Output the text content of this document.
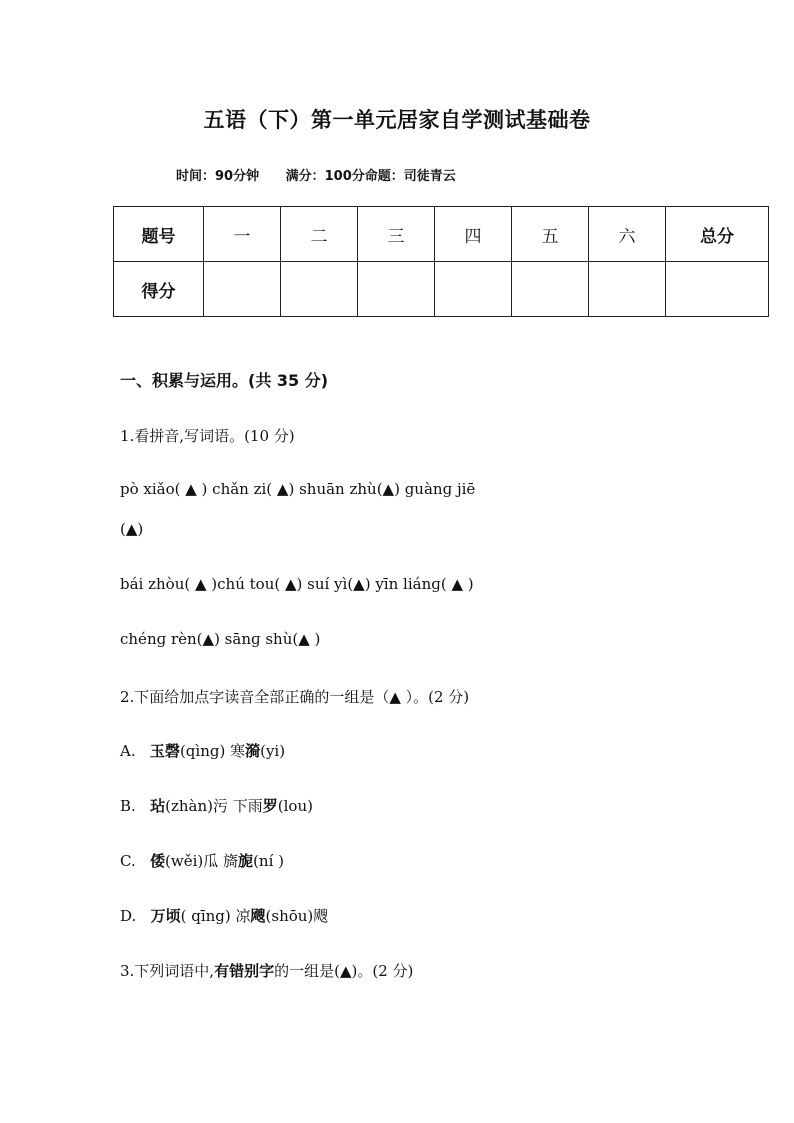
五语（下）第一单元居家自学测试基础卷
时间：90分钟 满分：100分命题：司徒青云
题号	一	二	三	四	五	六	总分
得分							
一、积累与运用。(共 35 分)
1.看拼音,写词语。(10 分)
pò xiǎo( ▲ ) chǎn zi( ▲) shuān zhù(▲) guànɡ jiē
(▲)
bái zhòu( ▲ )chú tou( ▲) suí yì(▲) yīn liánɡ( ▲ )
chénɡ rèn(▲) sānɡ shù(▲ )
2.下面给加点字读音全部正确的一组是（▲ ）。(2 分)
A. 玉磬(qìng) 寒漪(yi)
B. 玷(zhàn)污 下雨罗(lou)
C. 倭(wěi)瓜 旖旎(ní )
D. 万顷( qīng) 凉飕(shōu)飕
3.下列词语中,有错别字的一组是(▲)。(2 分)
